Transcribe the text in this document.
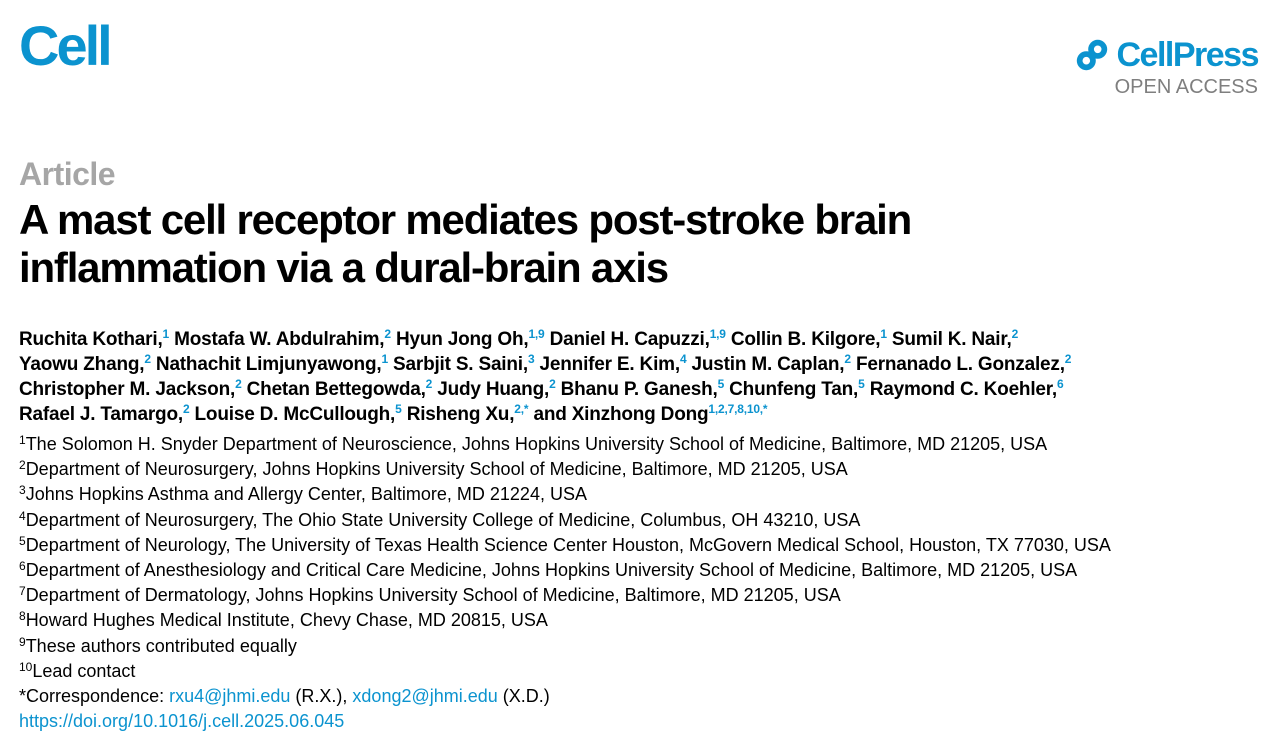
Cell	CellPress
OPEN ACCESS
Article
A mast cell receptor mediates post-stroke brain
inflammation via a dural-brain axis
Ruchita Kothari,$^1$ Mostafa W. Abdulrahim,$^2$ Hyun Jong Oh,$^{1,9}$ Daniel H. Capuzzi,$^{1,9}$ Collin B. Kilgore,$^1$ Sumil K. Nair,$^2$
Yaowu Zhang,$^2$ Nathachit Limjunyawong,$^1$ Sarbjit S. Saini,$^3$ Jennifer E. Kim,$^4$ Justin M. Caplan,$^2$ Fernanado L. Gonzalez,$^2$
Christopher M. Jackson,$^2$ Chetan Bettegowda,$^2$ Judy Huang,$^2$ Bhanu P. Ganesh,$^5$ Chunfeng Tan,$^5$ Raymond C. Koehler,$^6$
Rafael J. Tamargo,$^2$ Louise D. McCullough,$^5$ Risheng Xu,$^{2,*}$ and Xinzhong Dong$^{1,2,7,8,10,*}$
$^1$The Solomon H. Snyder Department of Neuroscience, Johns Hopkins University School of Medicine, Baltimore, MD 21205, USA
$^2$Department of Neurosurgery, Johns Hopkins University School of Medicine, Baltimore, MD 21205, USA
$^3$Johns Hopkins Asthma and Allergy Center, Baltimore, MD 21224, USA
$^4$Department of Neurosurgery, The Ohio State University College of Medicine, Columbus, OH 43210, USA
$^5$Department of Neurology, The University of Texas Health Science Center Houston, McGovern Medical School, Houston, TX 77030, USA
$^6$Department of Anesthesiology and Critical Care Medicine, Johns Hopkins University School of Medicine, Baltimore, MD 21205, USA
$^7$Department of Dermatology, Johns Hopkins University School of Medicine, Baltimore, MD 21205, USA
$^8$Howard Hughes Medical Institute, Chevy Chase, MD 20815, USA
$^9$These authors contributed equally
$^{10}$Lead contact
*Correspondence: rxu4@jhmi.edu (R.X.), xdong2@jhmi.edu (X.D.)
https://doi.org/10.1016/j.cell.2025.06.045
